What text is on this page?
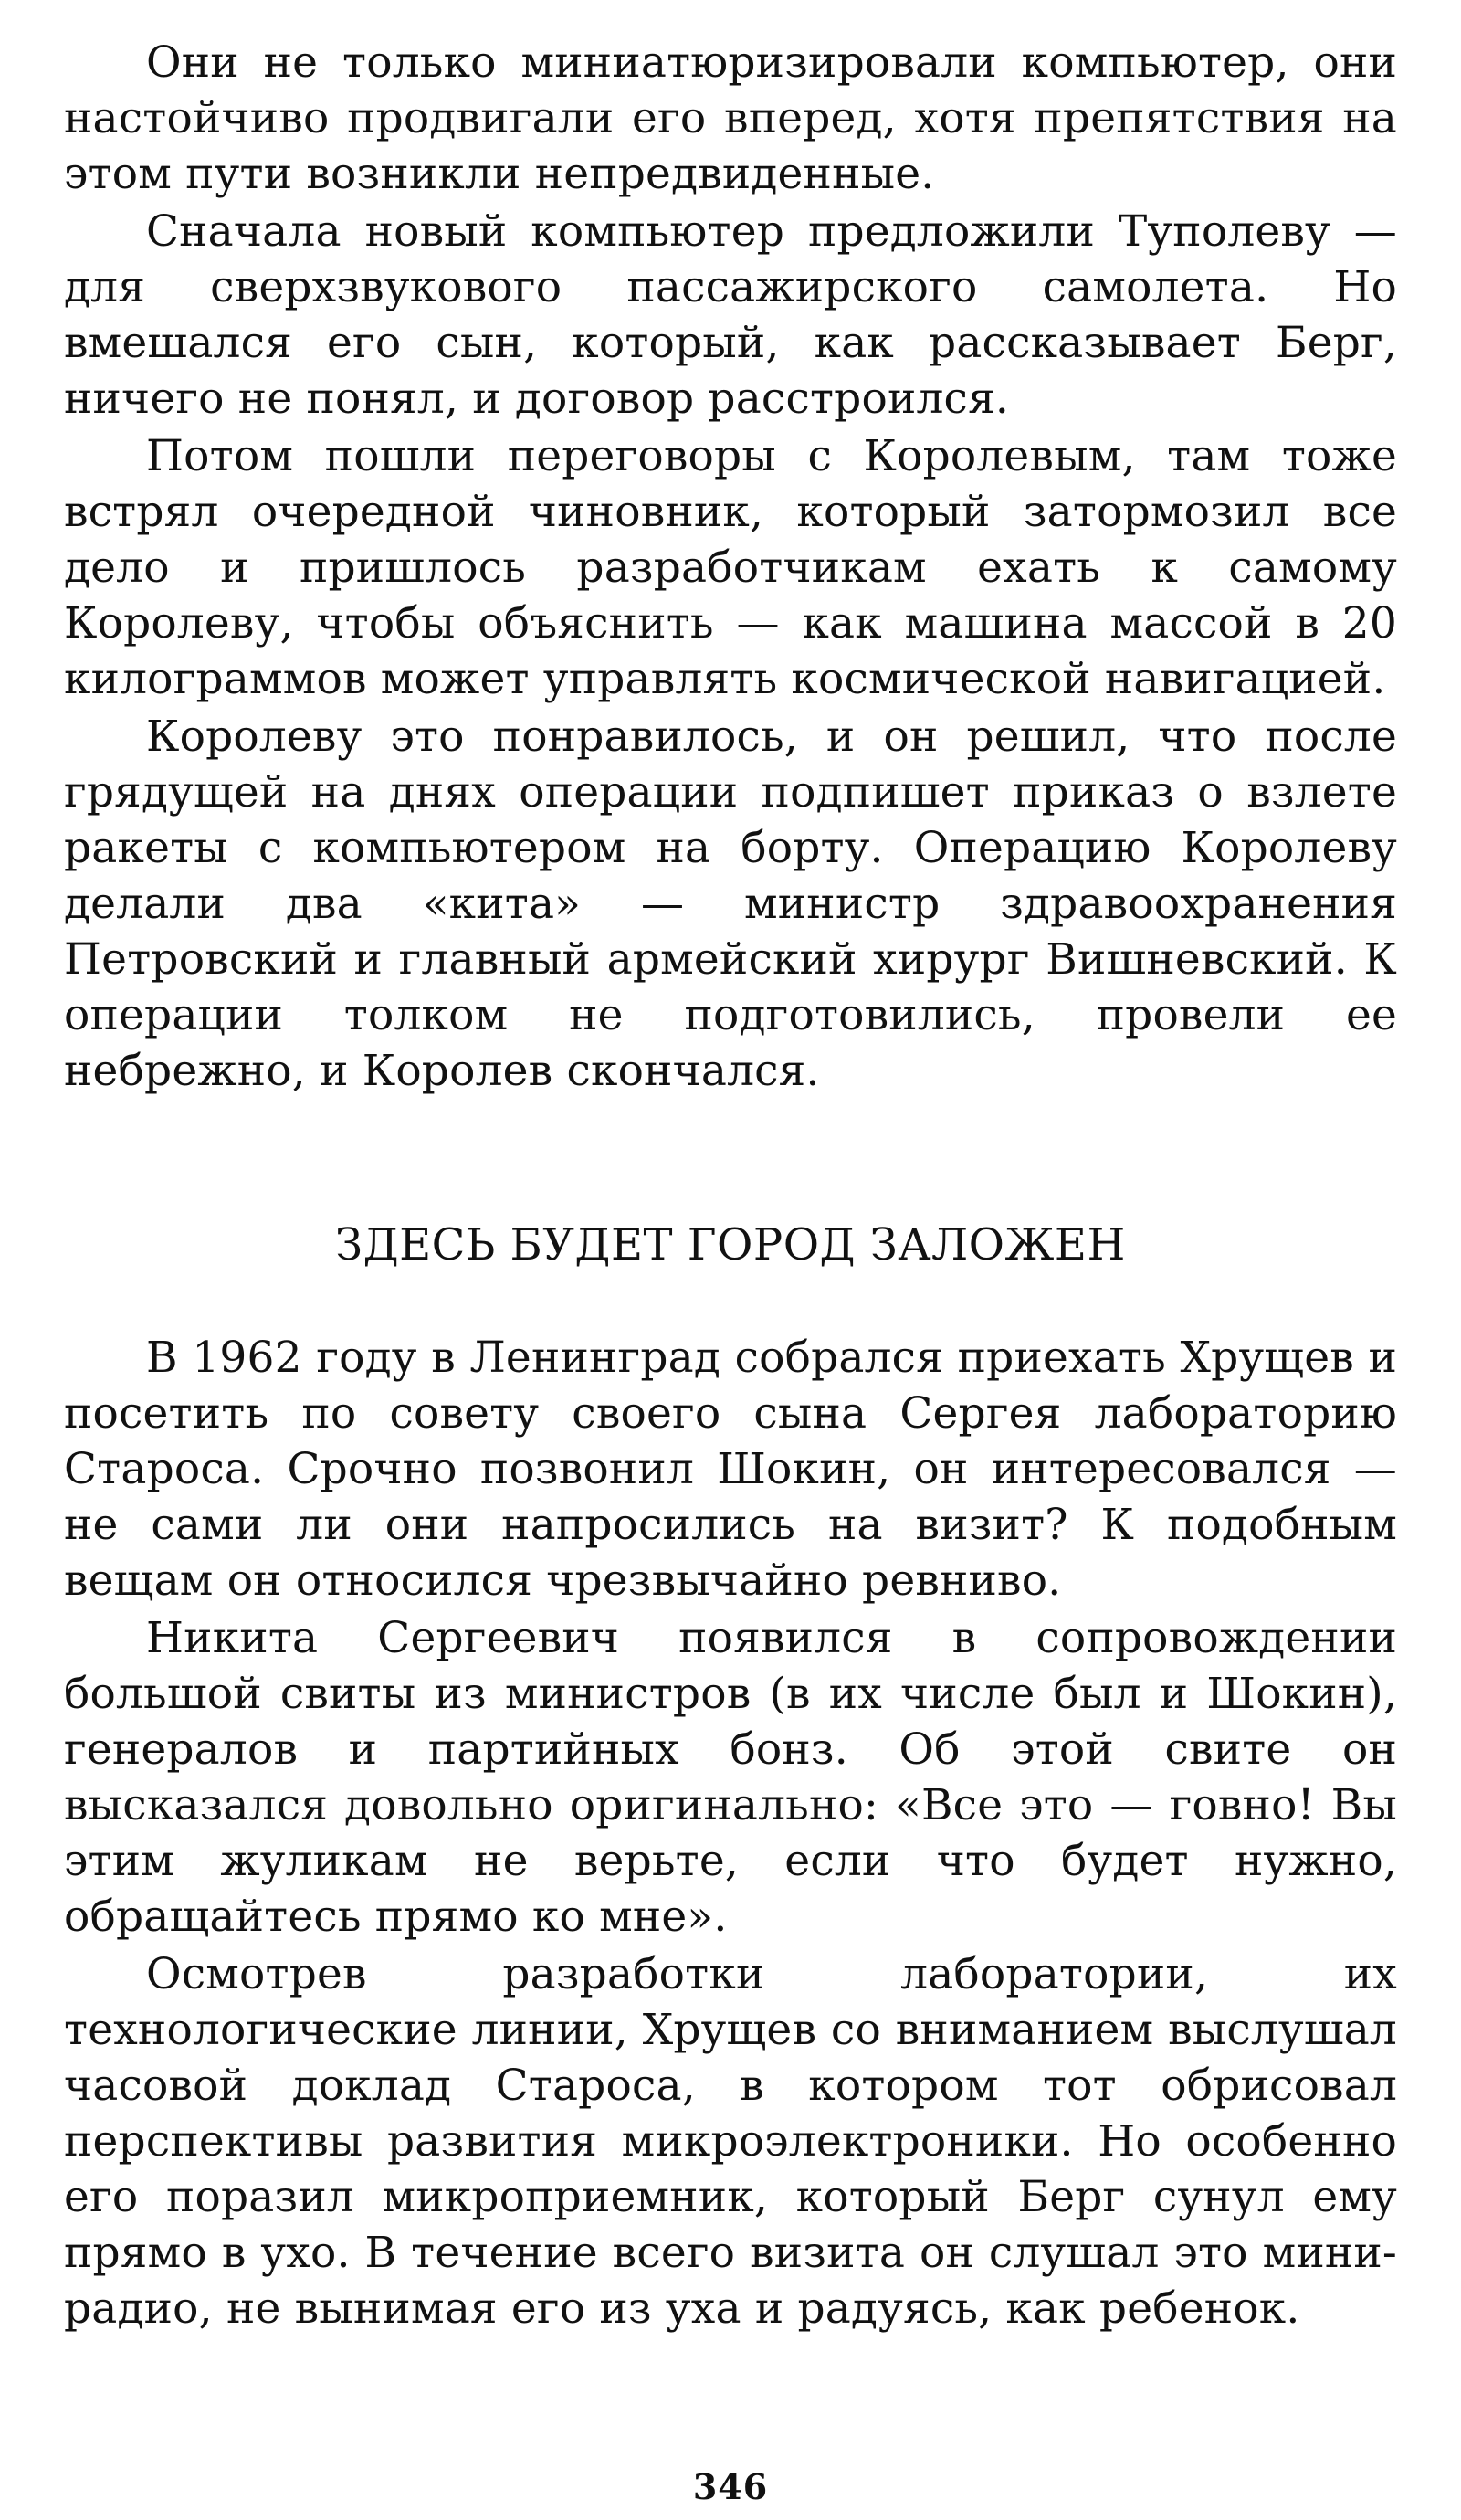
Они не только миниатюризировали компьютер, они настойчиво продвигали его вперед, хотя препятствия на этом пути возникли непредвиденные.

Сначала новый компьютер предложили Туполеву — для сверхзвукового пассажирского самолета. Но вмешался его сын, который, как рассказывает Берг, ничего не понял, и договор расстроился.

Потом пошли переговоры с Королевым, там тоже встрял очередной чиновник, который затормозил все дело и пришлось разработчикам ехать к самому Королеву, чтобы объяснить — как машина массой в 20 килограммов может управлять космической навигацией.

Королеву это понравилось, и он решил, что после грядущей на днях операции подпишет приказ о взлете ракеты с компьютером на борту. Операцию Королеву делали два «кита» — министр здравоохранения Петровский и главный армейский хирург Вишневский. К операции толком не подготовились, провели ее небрежно, и Королев скончался.

ЗДЕСЬ БУДЕТ ГОРОД ЗАЛОЖЕН

В 1962 году в Ленинград собрался приехать Хрущев и посетить по совету своего сына Сергея лабораторию Староса. Срочно позвонил Шокин, он интересовался — не сами ли они напросились на визит? К подобным вещам он относился чрезвычайно ревниво.

Никита Сергеевич появился в сопровождении большой свиты из министров (в их числе был и Шокин), генералов и партийных бонз. Об этой свите он высказался довольно оригинально: «Все это — говно! Вы этим жуликам не верьте, если что будет нужно, обращайтесь прямо ко мне».

Осмотрев разработки лаборатории, их технологические линии, Хрущев со вниманием выслушал часовой доклад Староса, в котором тот обрисовал перспективы развития микроэлектроники. Но особенно его поразил микроприемник, который Берг сунул ему прямо в ухо. В течение всего визита он слушал это мини-радио, не вынимая его из уха и радуясь, как ребенок.

346
